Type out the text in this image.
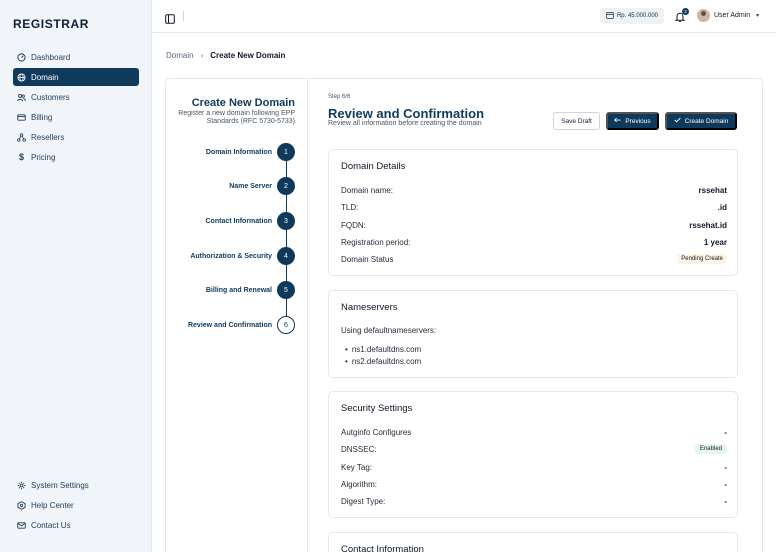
REGISTRAR
Dashboard
Domain
Customers
Billing
Resellers
$ Pricing
System Settings
Help Center
Contact Us
Rp. 45.000.000
2
User Admin ▾
Domain › Create New Domain
Create New Domain
Register a new domain following EPP Standards (RFC 5730-5733)
Domain Information	1
Name Server	2
Contact Information	3
Authorization & Security	4
Billing and Renewal	5
Review and Confirmation	6
Step 6/6
Review and Confirmation
Review all information before creating the domain	Save Draft	Previous	Create Domain
Domain Details
Domain name:	rssehat
TLD:	.id
FQDN:	rssehat.id
Registration period:	1 year
Domain Status	Pending Create
Nameservers
Using defaultnameservers:
• ns1.defaultdns.com
• ns2.defaultdns.com
Security Settings
Autginfo Configures	-
DNSSEC:	Enabled
Key Tag:	-
Algorithm:	-
Digest Type:	-
Contact Information
